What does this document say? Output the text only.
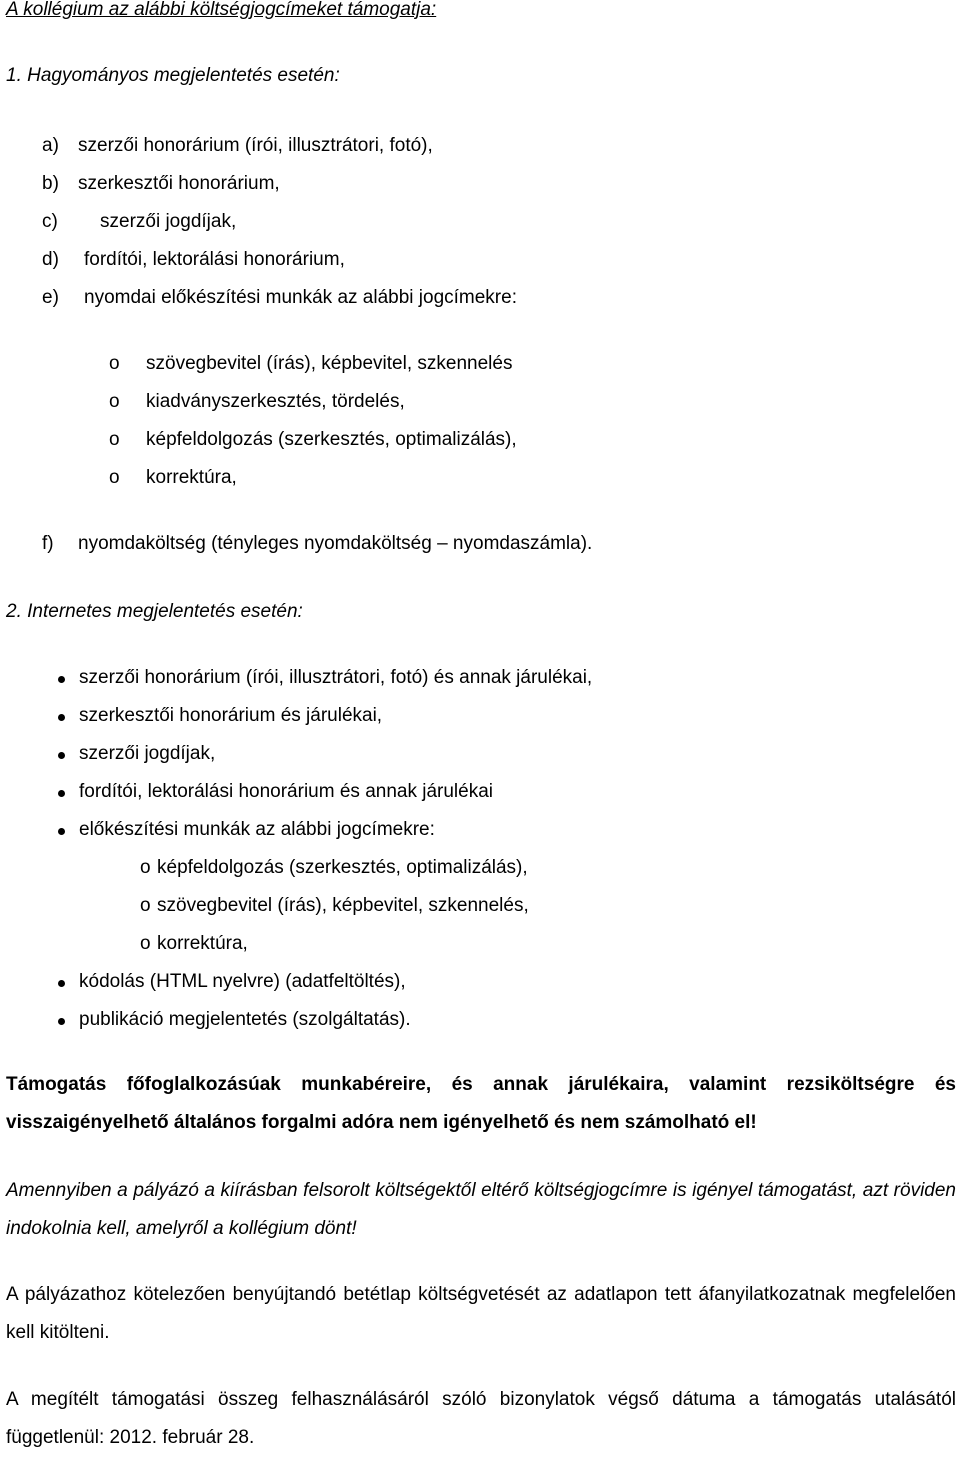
A kollégium az alábbi költségjogcímeket támogatja:
1. Hagyományos megjelentetés esetén:
a) szerzői honorárium (írói, illusztrátori, fotó),
b) szerkesztői honorárium,
c) szerzői jogdíjak,
d) fordítói, lektorálási honorárium,
e) nyomdai előkészítési munkák az alábbi jogcímekre:
o szövegbevitel (írás), képbevitel, szkennelés
o kiadványszerkesztés, tördelés,
o képfeldolgozás (szerkesztés, optimalizálás),
o korrektúra,
f) nyomdaköltség (tényleges nyomdaköltség – nyomdaszámla).
2. Internetes megjelentetés esetén:
szerzői honorárium (írói, illusztrátori, fotó) és annak járulékai,
szerkesztői honorárium és járulékai,
szerzői jogdíjak,
fordítói, lektorálási honorárium és annak járulékai
előkészítési munkák az alábbi jogcímekre:
o képfeldolgozás (szerkesztés, optimalizálás),
o szövegbevitel (írás), képbevitel, szkennelés,
o korrektúra,
kódolás (HTML nyelvre) (adatfeltöltés),
publikáció megjelentetés (szolgáltatás).
Támogatás főfoglalkozásúak munkabéreire, és annak járulékaira, valamint rezsiköltségre és visszaigényelhető általános forgalmi adóra nem igényelhető és nem számolható el!
Amennyiben a pályázó a kiírásban felsorolt költségektől eltérő költségjogcímre is igényel támogatást, azt röviden indokolnia kell, amelyről a kollégium dönt!
A pályázathoz kötelezően benyújtandó betétlap költségvetését az adatlapon tett áfanyilatkozatnak megfelelően kell kitölteni.
A megítélt támogatási összeg felhasználásáról szóló bizonylatok végső dátuma a támogatás utalásától függetlenül: 2012. február 28.
